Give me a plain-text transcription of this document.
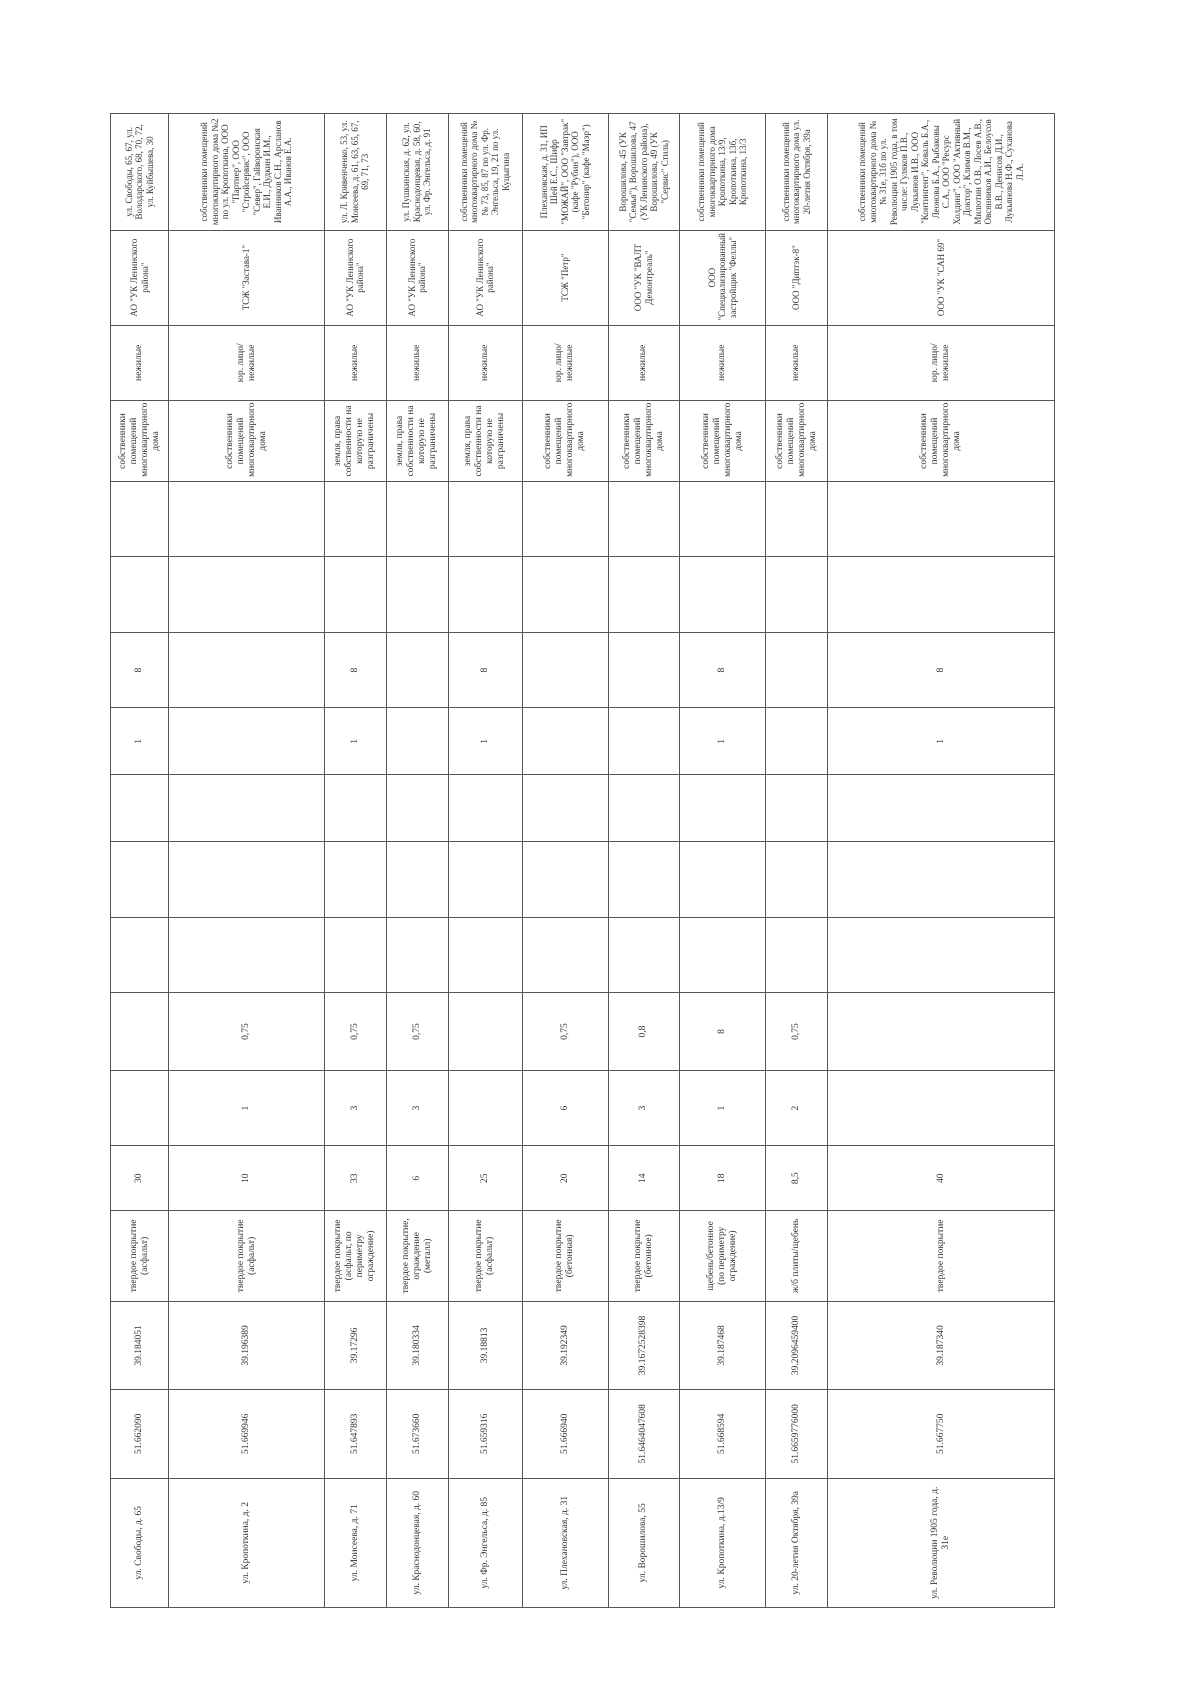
ул. Свободы, д. 65	51.662090	39.184051	твердое покрытие (асфальт)	30						1	8			собственники помещений многоквартирного дома	нежилые	АО "УК Ленинского района"	ул. Свободы, 65, 67, ул. Володарского, 68, 70, 72, ул. Куйбышева, 30
ул. Кропоткина, д. 2	51.669946	39.196389	твердое покрытие (асфальт)	10	1	0,75								собственники помещений многоквартирного дома	юр. лицо/нежилые	ТСЖ "Застава-1"	собственники помещений многоквартирного дома №2 по ул. Кропоткина, ООО "Партнер", ООО "Стройсервис", ООО "Север", Гайворонская Е.И., Дудкин И.М., Иванников С.Н., Арсланов А.А., Иванов Е.А.
ул. Моисеева, д. 71	51.647893	39.17296	твердое покрытие (асфальт, по периметру ограждение)	33	3	0,75				1	8			земля, права собственности на которую не разграничены	нежилые	АО "УК Ленинского района"	ул. Л. Кривенченко, 53, ул. Моисеева, д. 61, 63, 65, 67, 69, 71, 73
ул. Краснодонцевая, д. 60	51.673660	39.180334	твердое покрытие, ограждение (металл)	6	3	0,75								земля, права собственности на которую не разграничены	нежилые	АО "УК Ленинского района"	ул. Пушкинская, д. 62, ул. Краснодонцевая, д. 58, 60, ул. Фр. Энгельса, д. 91
ул. Фр. Энгельса, д. 85	51.659316	39.18813	твердое покрытие (асфальт)	25						1	8			земля, права собственности на которую не разграничены	нежилые	АО "УК Ленинского района"	собственники помещений многоквартирного дома №№ 73, 85, 87 по ул. Фр. Энгельса, 19, 21 по ул. Куцыгина
ул. Плехановская, д. 31	51.666940	39.192349	твердое покрытие (бетонная)	20	6	0,75								собственники помещений многоквартирного дома	юр. лицо/нежилые	ТСЖ "Петр"	Плехановская, д. 31, ИП Шей Е.С., Шифр "МОЖАЙ", ООО "Завтрак" (кафе "Рубин"), ООО "Бегонир" (кафе "Маэр")
ул. Ворошилова, 55	51.6464047608	39.1672528398	твердое покрытие (бетонное)	14	3	0,8								собственники помещений многоквартирного дома	нежилые	ООО "УК "ВАЛТ Демонтреаль"	Ворошилова, 45 (УК "Семья"), Ворошилова, 47 (УК Ленинского района), Ворошилова, 49 (УК "Сервис" Стиль)
ул. Кропоткина, д.13/9	51.668594	39.187468	щебень/бетонное (по периметру ограждение)	18	1	8				1	8			собственники помещений многоквартирного дома	нежилые	ООО "Специализированный застройщик "Феллы"	собственники помещений многоквартирного дома Кропоткина, 13/9, Кропоткина, 13б, Кропоткина, 13/3
ул. 20-летия Октября, 39а	51.6659776000	39.2096459400	ж/б плиты/щебень	8,5	2	0,75								собственники помещений многоквартирного дома	нежилые	ООО "Диптэк-8"	собственники помещений многоквартирного дома ул. 20-летия Октября, 39а
ул. Революции 1905 года, д. 31е	51.667750	39.187340	твердое покрытие	40						1	8			собственники помещений многоквартирного дома	юр. лицо/нежилые	ООО "УК "САН 69"	собственники помещений многоквартирного дома №№ 31е, 31б по ул. Революции 1905 года, в том числе: Гуляков П.В., Лукьянов И.В., ООО "Контингент", Коваль Б.А., Леонова Б.А., Рыбаковы С.А., ООО "Ресурс Холдинг", ООО "Активный Доктор", Климов В.М., Милютин О.В., Лосев А.В., Овсянников А.И., Белоусов В.В., Денисов Д.И., Лукьянова Н.Ф., Суханова Л.А.
